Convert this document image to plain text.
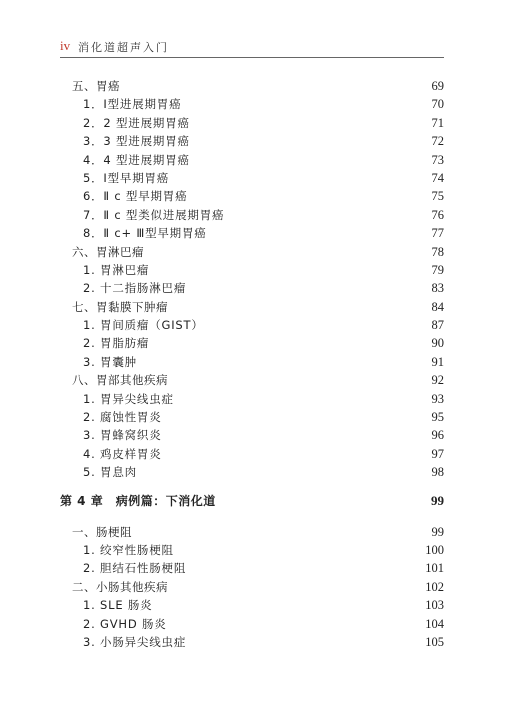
iv 消化道超声入门
五、胃癌	69
1．Ⅰ型进展期胃癌	70
2．2 型进展期胃癌	71
3．3 型进展期胃癌	72
4．4 型进展期胃癌	73
5．Ⅰ型早期胃癌	74
6．Ⅱ c 型早期胃癌	75
7．Ⅱ c 型类似进展期胃癌	76
8．Ⅱ c+ Ⅲ型早期胃癌	77
六、胃淋巴瘤	78
1. 胃淋巴瘤	79
2. 十二指肠淋巴瘤	83
七、胃黏膜下肿瘤	84
1. 胃间质瘤（GIST）	87
2. 胃脂肪瘤	90
3. 胃囊肿	91
八、胃部其他疾病	92
1. 胃异尖线虫症	93
2. 腐蚀性胃炎	95
3. 胃蜂窝织炎	96
4. 鸡皮样胃炎	97
5. 胃息肉	98
第 4 章　病例篇：下消化道	99
一、肠梗阻	99
1. 绞窄性肠梗阻	100
2. 胆结石性肠梗阻	101
二、小肠其他疾病	102
1. SLE 肠炎	103
2. GVHD 肠炎	104
3. 小肠异尖线虫症	105
